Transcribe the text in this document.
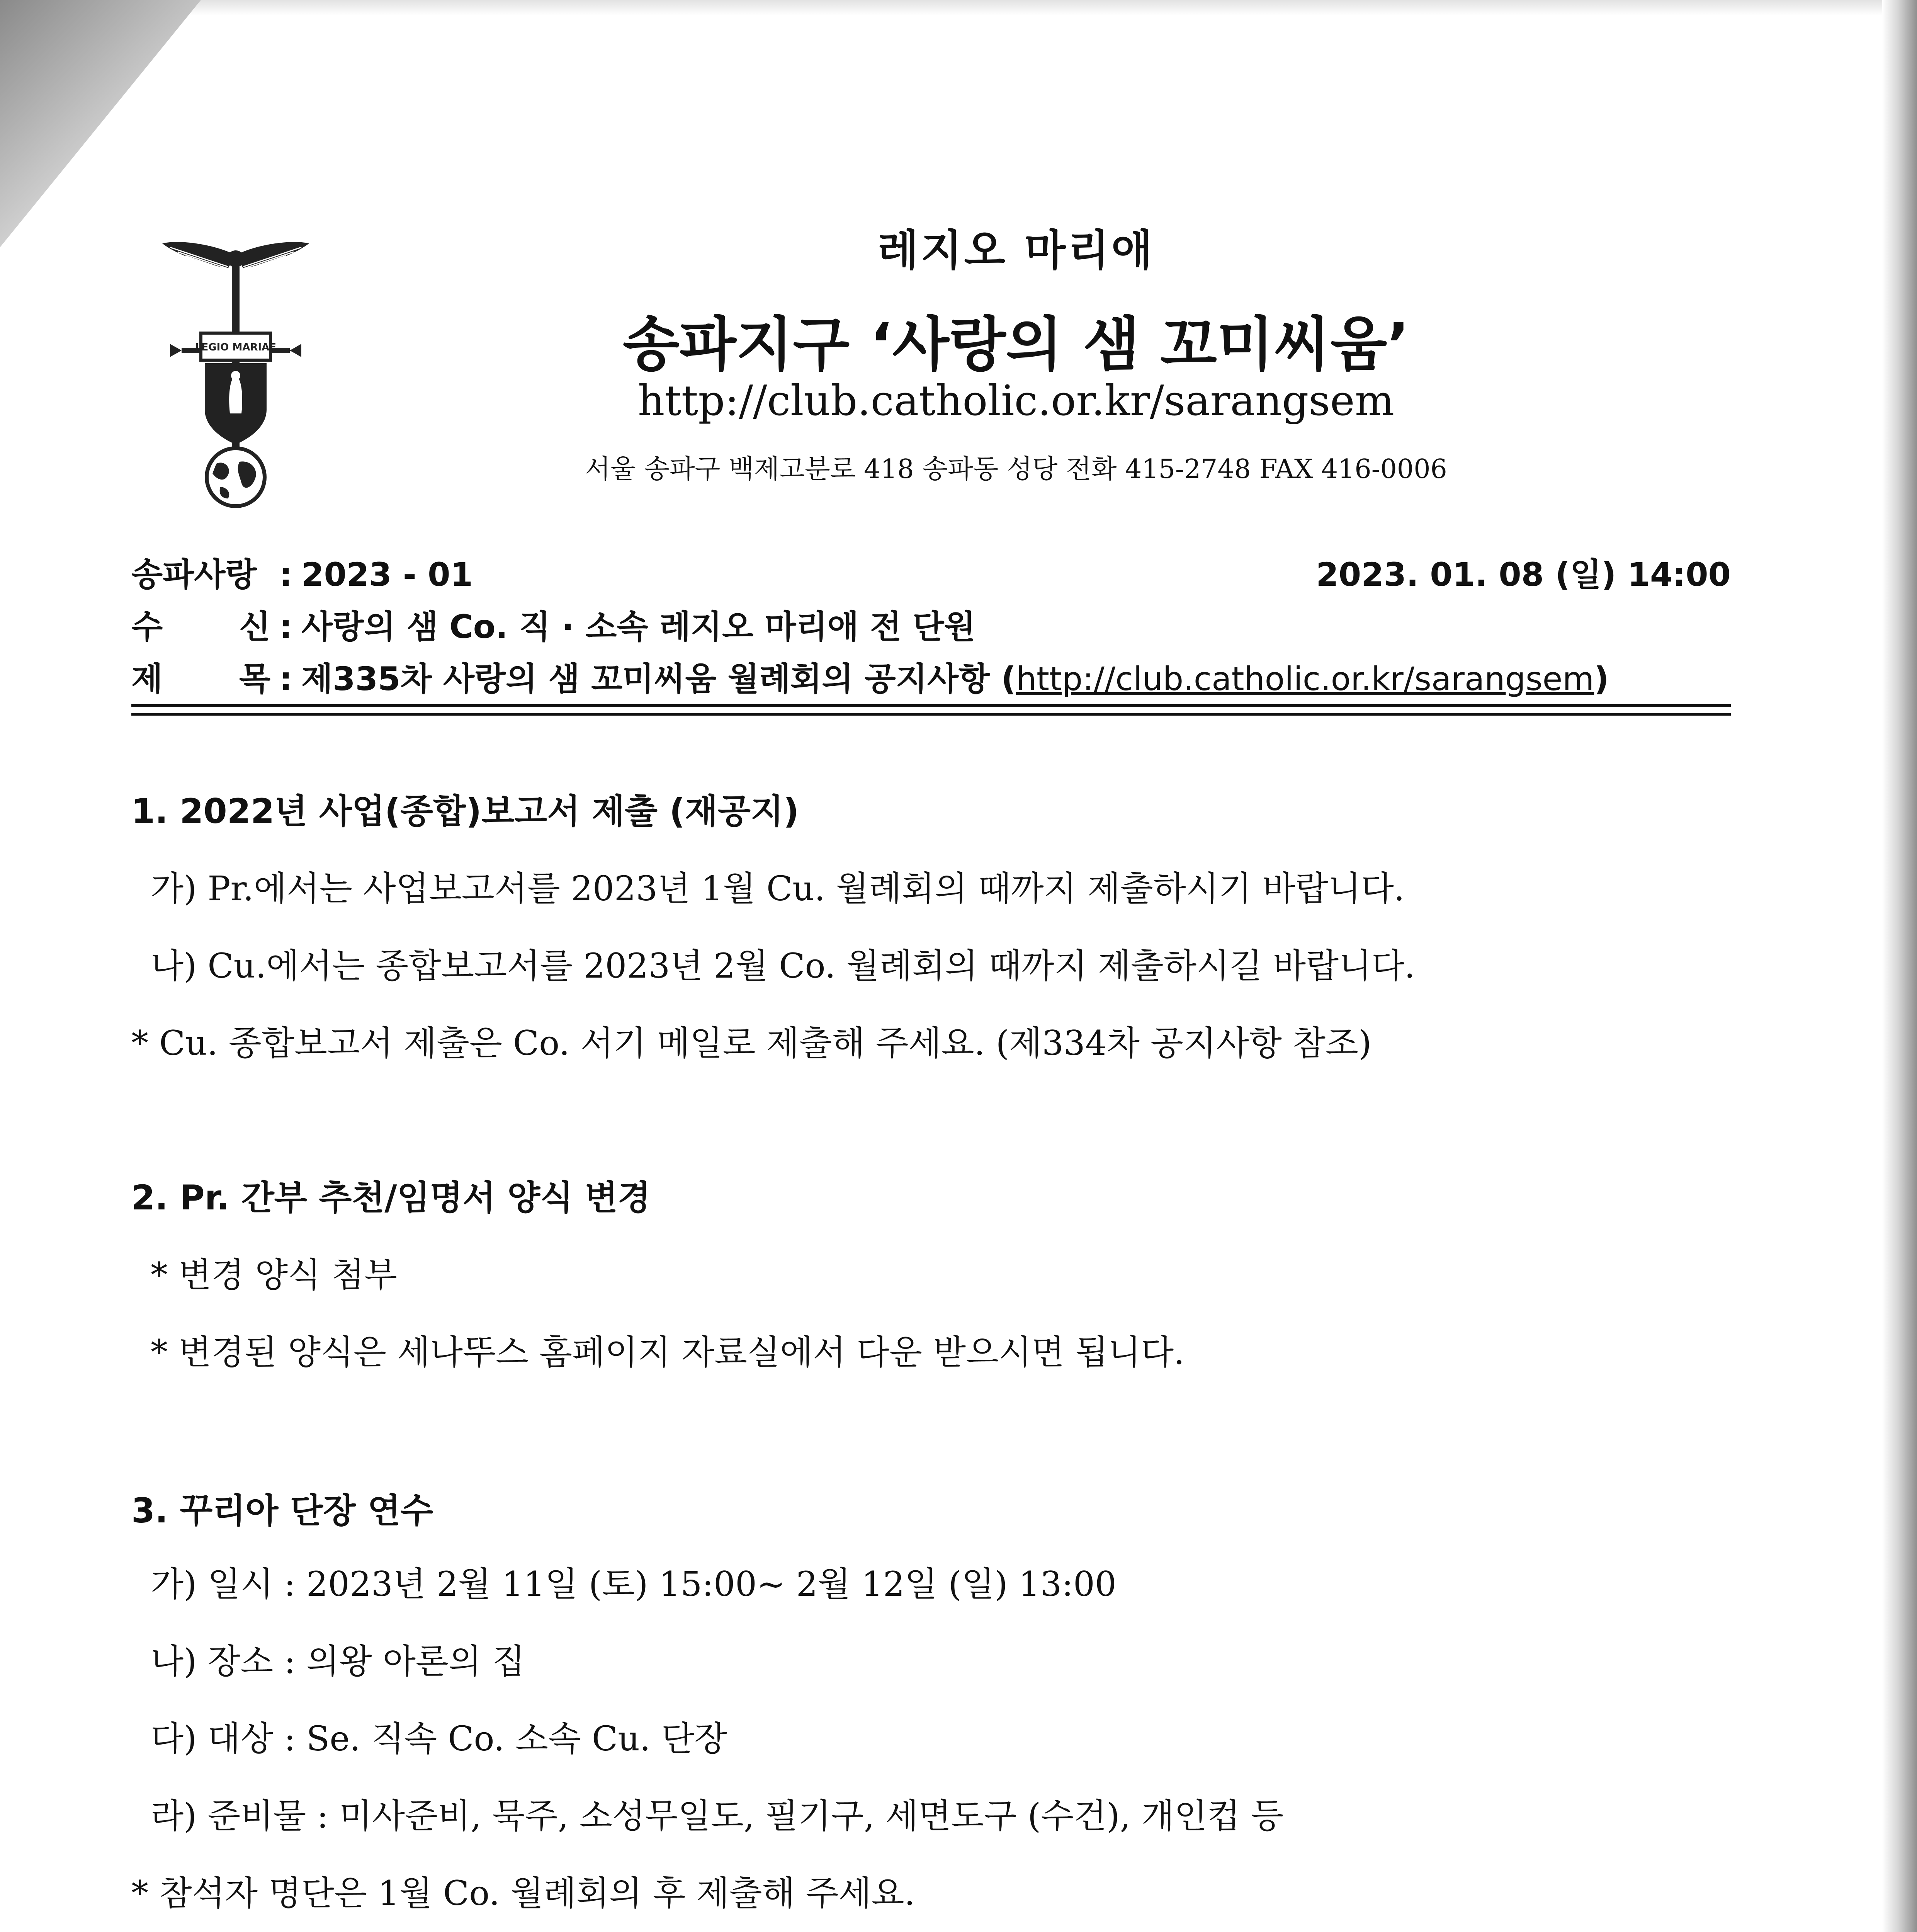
LEGIO MARIAE
레지오 마리애
송파지구 ‘사랑의 샘 꼬미씨움’
http://club.catholic.or.kr/sarangsem
서울 송파구 백제고분로 418 송파동 성당 전화 415-2748 FAX 416-0006
송파사랑 : 2023 - 01	2023. 01. 08 (일) 14:00
수 신 : 사랑의 샘 Co. 직 · 소속 레지오 마리애 전 단원
제 목 : 제335차 사랑의 샘 꼬미씨움 월례회의 공지사항 (http://club.catholic.or.kr/sarangsem)
1. 2022년 사업(종합)보고서 제출 (재공지)
가) Pr.에서는 사업보고서를 2023년 1월 Cu. 월례회의 때까지 제출하시기 바랍니다.
나) Cu.에서는 종합보고서를 2023년 2월 Co. 월례회의 때까지 제출하시길 바랍니다.
* Cu. 종합보고서 제출은 Co. 서기 메일로 제출해 주세요. (제334차 공지사항 참조)
2. Pr. 간부 추천/임명서 양식 변경
* 변경 양식 첨부
* 변경된 양식은 세나뚜스 홈페이지 자료실에서 다운 받으시면 됩니다.
3. 꾸리아 단장 연수
가) 일시 : 2023년 2월 11일 (토) 15:00~ 2월 12일 (일) 13:00
나) 장소 : 의왕 아론의 집
다) 대상 : Se. 직속 Co. 소속 Cu. 단장
라) 준비물 : 미사준비, 묵주, 소성무일도, 필기구, 세면도구 (수건), 개인컵 등
* 참석자 명단은 1월 Co. 월례회의 후 제출해 주세요.
